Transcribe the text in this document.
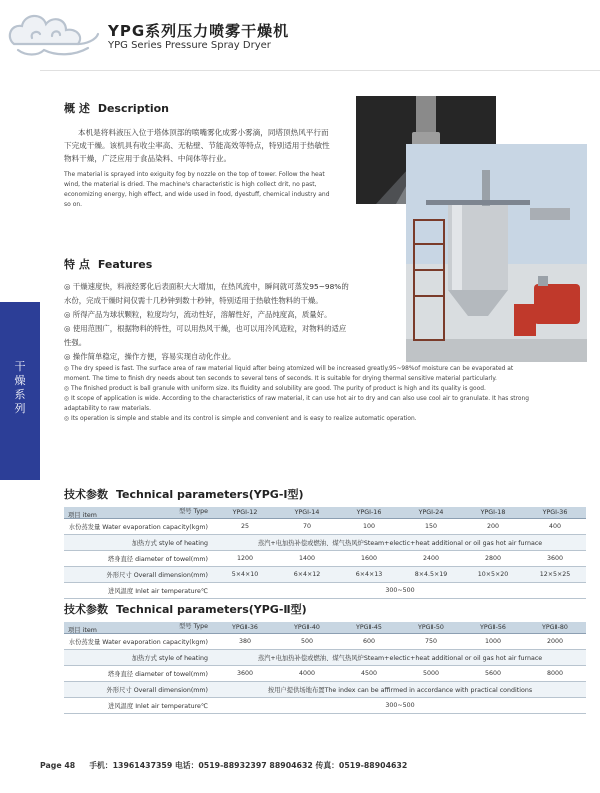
YPG系列压力喷雾干燥机
YPG Series Pressure Spray Dryer
干
燥
系
列
概 述 Description
本机是将料液压入位于塔体顶部的喷嘴雾化成雾小雾滴，同塔顶热风平行而
下完成干燥。该机具有收尘率高、无粘壁、节能高效等特点，特别适用于热敏性
物料干燥，广泛应用于食品染料、中间体等行业。
The material is sprayed into exiguity fog by nozzle on the top of tower. Follow the heat
wind, the material is dried. The machine's characteristic is high collect drit, no past,
economizing energy, high effect, and wide used in food, dyestuff, chemical industry and
so on.
特 点 Features
◎ 干燥速度快，料液经雾化后表面积大大增加，在热风流中，瞬间就可蒸发95~98%的
水份，完成干燥时间仅需十几秒钟到数十秒钟，特别适用于热敏性物料的干燥。
◎ 所得产品为球状颗粒，粒度均匀，流动性好，溶解性好，产品纯度高，质量好。
◎ 使用范围广，根据物料的特性，可以用热风干燥，也可以用冷风造粒，对物料的适应
性强。
◎ 操作简单稳定，操作方便，容易实现自动化作业。
◎ The dry speed is fast. The surface area of raw material liquid after being atomized will be increased greatly.95~98%of moisture can be evaporated at
moment. The time to finish dry needs about ten seconds to several tens of seconds. It is suitable for drying thermal sensitive material particularly.
◎ The finished product is ball granule with uniform size. Its fluidity and solubility are good. The purity of product is high and its quality is good.
◎ It scope of application is wide. According to the characteristics of raw material, it can use hot air to dry and can also use cool air to granulate. It has strong
adaptability to raw materials.
◎ Its operation is simple and stable and its control is simple and convenient and is easy to realize automatic operation.
技术参数 Technical parameters(YPG-Ⅰ型)
型号 Type
项目 item	YPGⅠ-12	YPGⅠ-14	YPGⅠ-16	YPGⅠ-24	YPGⅠ-18	YPGⅠ-36
水份蒸发量 Water evaporation capacity(kgm)	25	70	100	150	200	400
加热方式 style of heating	蒸汽+电加热补偿或燃油、煤气热风炉Steam+electic+heat additional or oil gas hot air furnace					
塔身直径 diameter of towel(mm)	1200	1400	1600	2400	2800	3600
外形尺寸 Overall dimension(mm)	5×4×10	6×4×12	6×4×13	8×4.5×19	10×5×20	12×5×25
进风温度 Inlet air temperature℃	300~500					
技术参数 Technical parameters(YPG-Ⅱ型)
型号 Type
项目 item	YPGⅡ-36	YPGⅡ-40	YPGⅡ-45	YPGⅡ-50	YPGⅡ-56	YPGⅡ-80
水份蒸发量 Water evaporation capacity(kgm)	380	500	600	750	1000	2000
加热方式 style of heating	蒸汽+电加热补偿或燃油、煤气热风炉Steam+electic+heat additional or oil gas hot air furnace					
塔身直径 diameter of towel(mm)	3600	4000	4500	5000	5600	8000
外形尺寸 Overall dimension(mm)	按用户提供场地布置The index can be affirmed in accordance with practical conditions					
进风温度 Inlet air temperature℃	300~500					
Page 48 手机：13961437359 电话：0519-88932397 88904632 传真：0519-88904632
